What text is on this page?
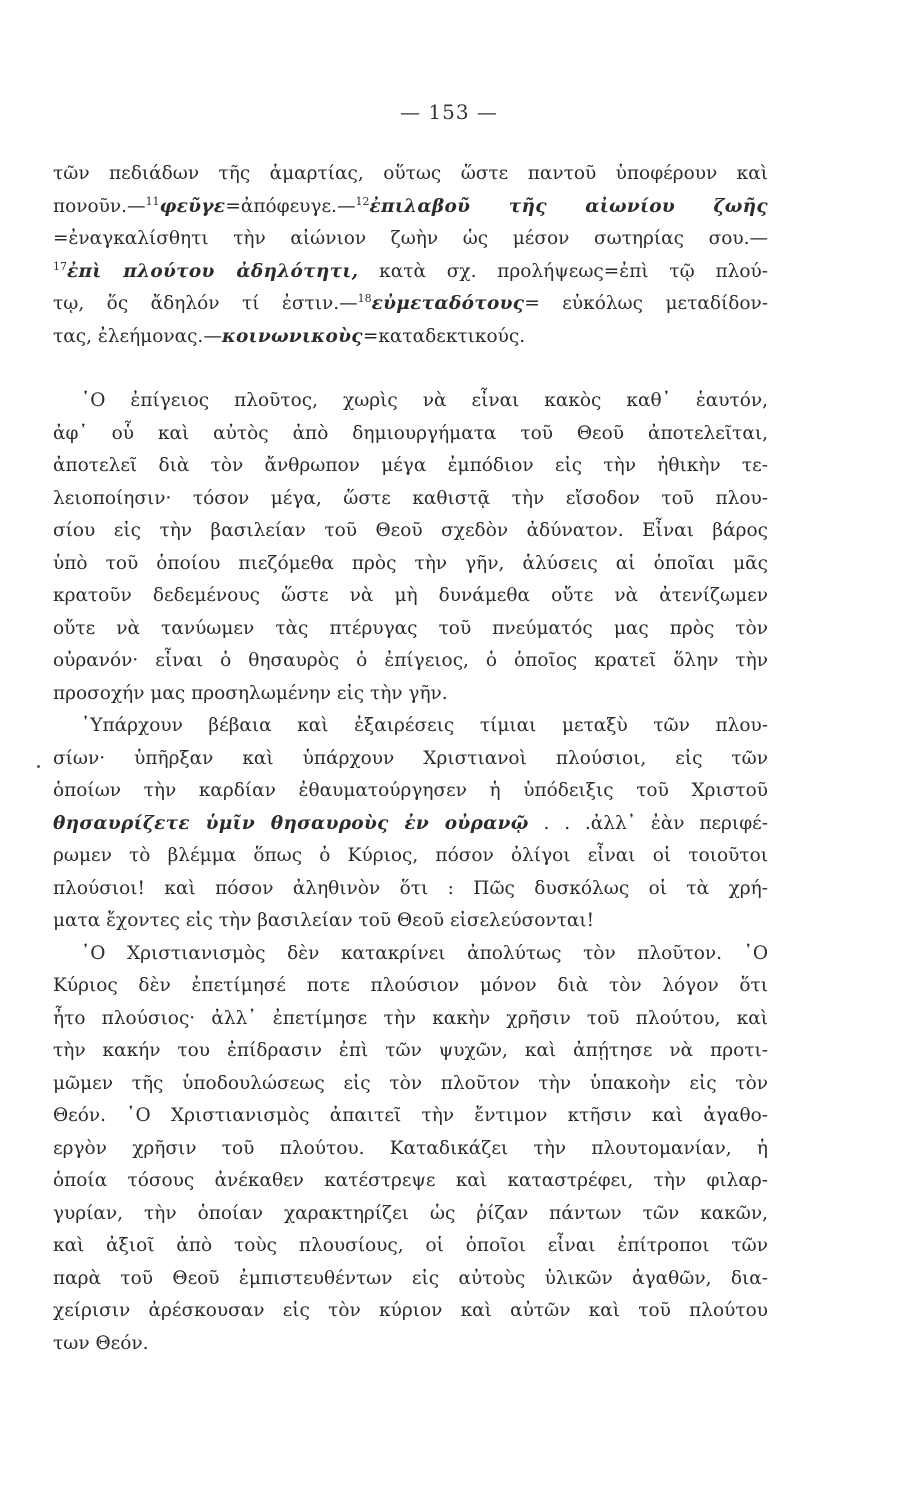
— 153 —
τῶν πεδιάδων τῆς ἁμαρτίας, οὕτως ὥστε παντοῦ ὑποφέρουν καὶ
πονοῦν.—$^{11}$φεῦγε=ἀπόφευγε.—$^{12}$ἐπιλαβοῦ τῆς αἰωνίου ζωῆς
=ἐναγκαλίσθητι τὴν αἰώνιον ζωὴν ὡς μέσον σωτηρίας σου.—
$^{17}$ἐπὶ πλούτου ἀδηλότητι, κατὰ σχ. προλήψεως=ἐπὶ τῷ πλού-
τῳ, ὅς ἄδηλόν τί ἐστιν.—$^{18}$εὐμεταδότους= εὐκόλως μεταδίδον-
τας, ἐλεήμονας.—κοινωνικοὺς=καταδεκτικούς.
῾Ο ἐπίγειος πλοῦτος, χωρὶς νὰ εἶναι κακὸς καθ᾿ ἑαυτόν,
ἀφ᾿ οὗ καὶ αὐτὸς ἀπὸ δημιουργήματα τοῦ Θεοῦ ἀποτελεῖται,
ἀποτελεῖ διὰ τὸν ἄνθρωπον μέγα ἐμπόδιον εἰς τὴν ἠθικὴν τε-
λειοποίησιν· τόσον μέγα, ὥστε καθιστᾷ τὴν εἴσοδον τοῦ πλου-
σίου εἰς τὴν βασιλείαν τοῦ Θεοῦ σχεδὸν ἀδύνατον. Εἶναι βάρος
ὑπὸ τοῦ ὁποίου πιεζόμεθα πρὸς τὴν γῆν, ἁλύσεις αἱ ὁποῖαι μᾶς
κρατοῦν δεδεμένους ὥστε νὰ μὴ δυνάμεθα οὔτε νὰ ἀτενίζωμεν
οὔτε νὰ τανύωμεν τὰς πτέρυγας τοῦ πνεύματός μας πρὸς τὸν
οὐρανόν· εἶναι ὁ θησαυρὸς ὁ ἐπίγειος, ὁ ὁποῖος κρατεῖ ὅλην τὴν
προσοχήν μας προσηλωμένην εἰς τὴν γῆν.
῾Υπάρχουν βέβαια καὶ ἐξαιρέσεις τίμιαι μεταξὺ τῶν πλου-
σίων· ὑπῆρξαν καὶ ὑπάρχουν Χριστιανοὶ πλούσιοι, εἰς τῶν
ὁποίων τὴν καρδίαν ἐθαυματούργησεν ἡ ὑπόδειξις τοῦ Χριστοῦ
θησαυρίζετε ὑμῖν θησαυροὺς ἐν οὐρανῷ . . .ἀλλ᾿ ἐὰν περιφέ-
ρωμεν τὸ βλέμμα ὅπως ὁ Κύριος, πόσον ὀλίγοι εἶναι οἱ τοιοῦτοι
πλούσιοι! καὶ πόσον ἀληθινὸν ὅτι : Πῶς δυσκόλως οἱ τὰ χρή-
ματα ἔχοντες εἰς τὴν βασιλείαν τοῦ Θεοῦ εἰσελεύσονται!
῾Ο Χριστιανισμὸς δὲν κατακρίνει ἀπολύτως τὸν πλοῦτον. ῾Ο
Κύριος δὲν ἐπετίμησέ ποτε πλούσιον μόνον διὰ τὸν λόγον ὅτι
ἦτο πλούσιος· ἀλλ᾿ ἐπετίμησε τὴν κακὴν χρῆσιν τοῦ πλούτου, καὶ
τὴν κακήν του ἐπίδρασιν ἐπὶ τῶν ψυχῶν, καὶ ἀπῄτησε νὰ προτι-
μῶμεν τῆς ὑποδουλώσεως εἰς τὸν πλοῦτον τὴν ὑπακοὴν εἰς τὸν
Θεόν. ῾Ο Χριστιανισμὸς ἀπαιτεῖ τὴν ἔντιμον κτῆσιν καὶ ἀγαθο-
εργὸν χρῆσιν τοῦ πλούτου. Καταδικάζει τὴν πλουτομανίαν, ἡ
ὁποία τόσους ἀνέκαθεν κατέστρεψε καὶ καταστρέφει, τὴν φιλαρ-
γυρίαν, τὴν ὁποίαν χαρακτηρίζει ὡς ῥίζαν πάντων τῶν κακῶν,
καὶ ἀξιοῖ ἀπὸ τοὺς πλουσίους, οἱ ὁποῖοι εἶναι ἐπίτροποι τῶν
παρὰ τοῦ Θεοῦ ἐμπιστευθέντων εἰς αὐτοὺς ὑλικῶν ἀγαθῶν, δια-
χείρισιν ἀρέσκουσαν εἰς τὸν κύριον καὶ αὐτῶν καὶ τοῦ πλούτου
των Θεόν.
